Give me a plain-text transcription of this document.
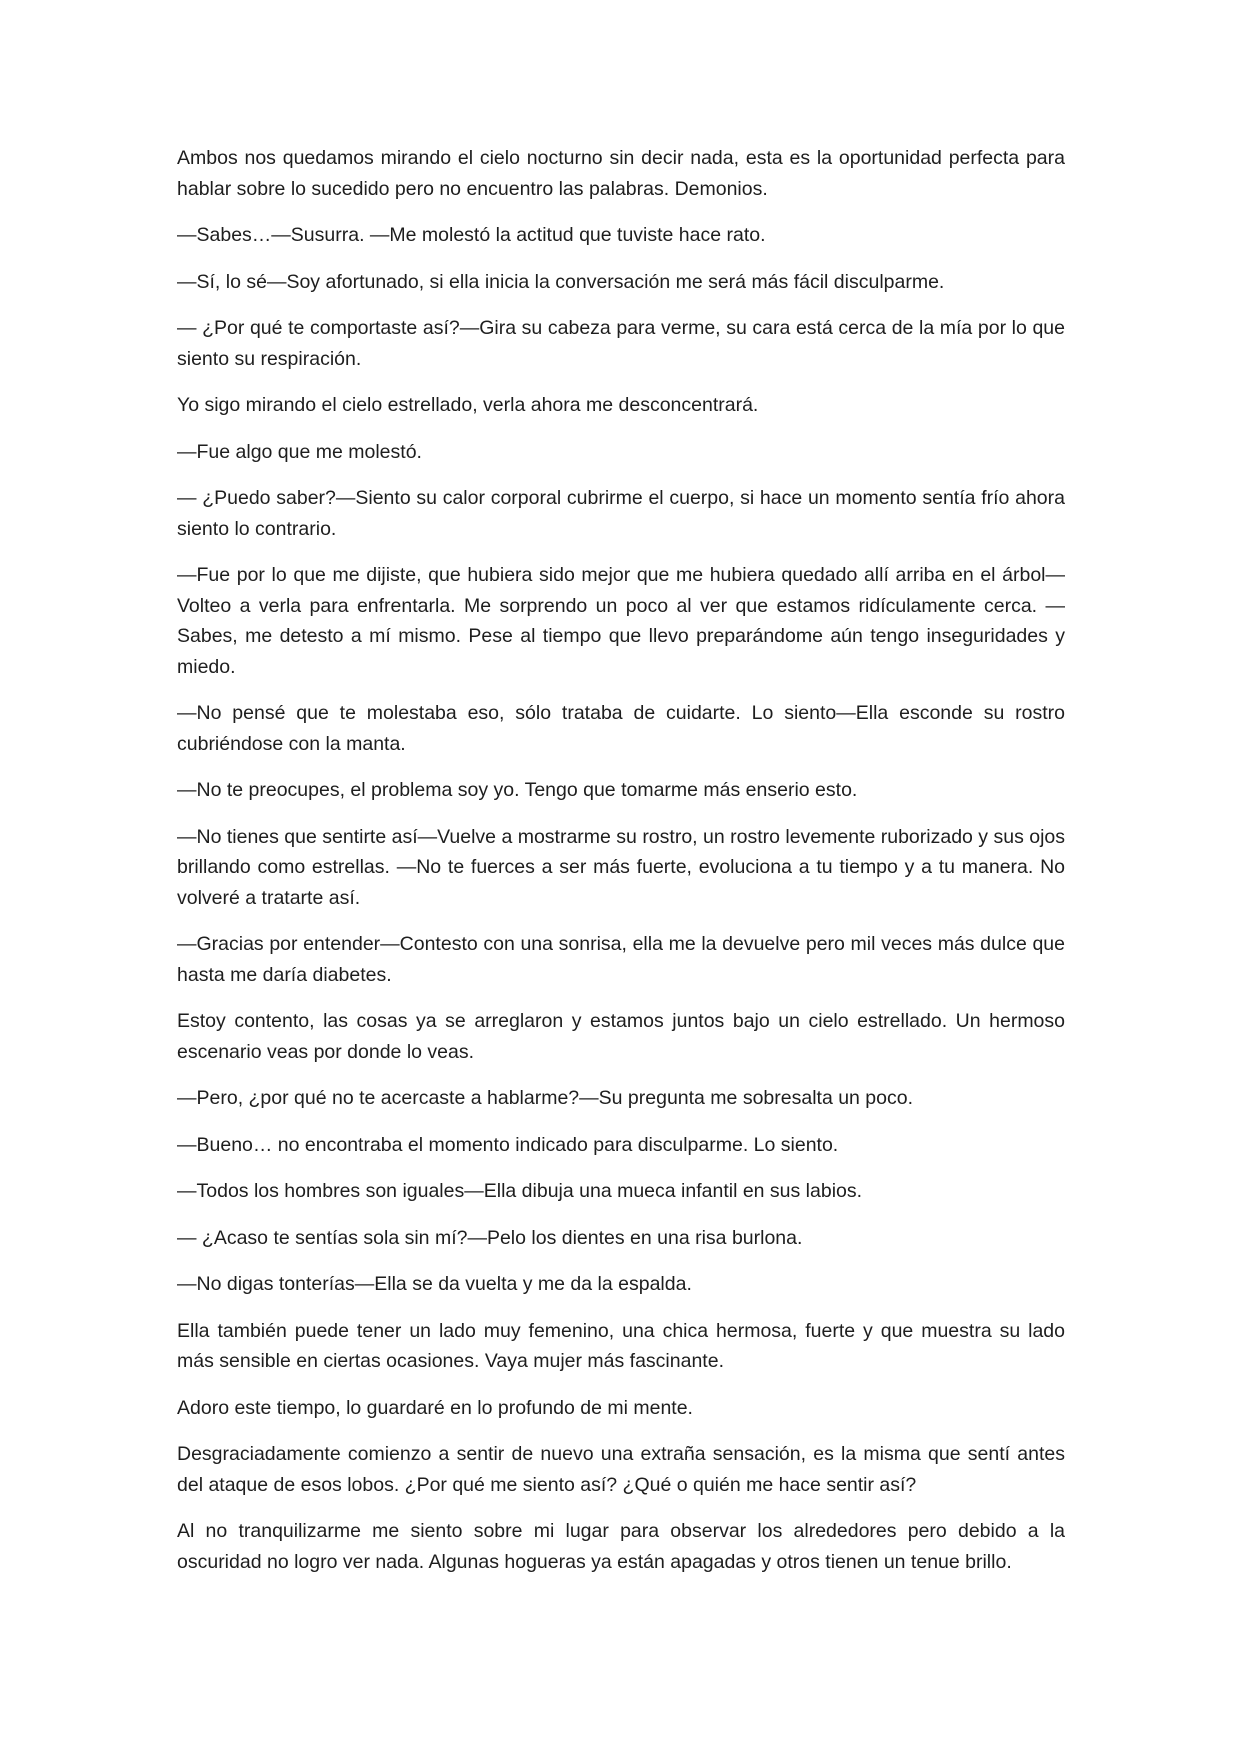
Ambos nos quedamos mirando el cielo nocturno sin decir nada, esta es la oportunidad perfecta para hablar sobre lo sucedido pero no encuentro las palabras. Demonios.

—Sabes…—Susurra. —Me molestó la actitud que tuviste hace rato.

—Sí, lo sé—Soy afortunado, si ella inicia la conversación me será más fácil disculparme.

— ¿Por qué te comportaste así?—Gira su cabeza para verme, su cara está cerca de la mía por lo que siento su respiración.

Yo sigo mirando el cielo estrellado, verla ahora me desconcentrará.

—Fue algo que me molestó.

— ¿Puedo saber?—Siento su calor corporal cubrirme el cuerpo, si hace un momento sentía frío ahora siento lo contrario.

—Fue por lo que me dijiste, que hubiera sido mejor que me hubiera quedado allí arriba en el árbol—Volteo a verla para enfrentarla. Me sorprendo un poco al ver que estamos ridículamente cerca. —Sabes, me detesto a mí mismo. Pese al tiempo que llevo preparándome aún tengo inseguridades y miedo.

—No pensé que te molestaba eso, sólo trataba de cuidarte. Lo siento—Ella esconde su rostro cubriéndose con la manta.

—No te preocupes, el problema soy yo. Tengo que tomarme más enserio esto.

—No tienes que sentirte así—Vuelve a mostrarme su rostro, un rostro levemente ruborizado y sus ojos brillando como estrellas. —No te fuerces a ser más fuerte, evoluciona a tu tiempo y a tu manera. No volveré a tratarte así.

—Gracias por entender—Contesto con una sonrisa, ella me la devuelve pero mil veces más dulce que hasta me daría diabetes.

Estoy contento, las cosas ya se arreglaron y estamos juntos bajo un cielo estrellado. Un hermoso escenario veas por donde lo veas.

—Pero, ¿por qué no te acercaste a hablarme?—Su pregunta me sobresalta un poco.

—Bueno… no encontraba el momento indicado para disculparme. Lo siento.

—Todos los hombres son iguales—Ella dibuja una mueca infantil en sus labios.

— ¿Acaso te sentías sola sin mí?—Pelo los dientes en una risa burlona.

—No digas tonterías—Ella se da vuelta y me da la espalda.

Ella también puede tener un lado muy femenino, una chica hermosa, fuerte y que muestra su lado más sensible en ciertas ocasiones. Vaya mujer más fascinante.

Adoro este tiempo, lo guardaré en lo profundo de mi mente.

Desgraciadamente comienzo a sentir de nuevo una extraña sensación, es la misma que sentí antes del ataque de esos lobos. ¿Por qué me siento así? ¿Qué o quién me hace sentir así?

Al no tranquilizarme me siento sobre mi lugar para observar los alrededores pero debido a la oscuridad no logro ver nada. Algunas hogueras ya están apagadas y otros tienen un tenue brillo.
